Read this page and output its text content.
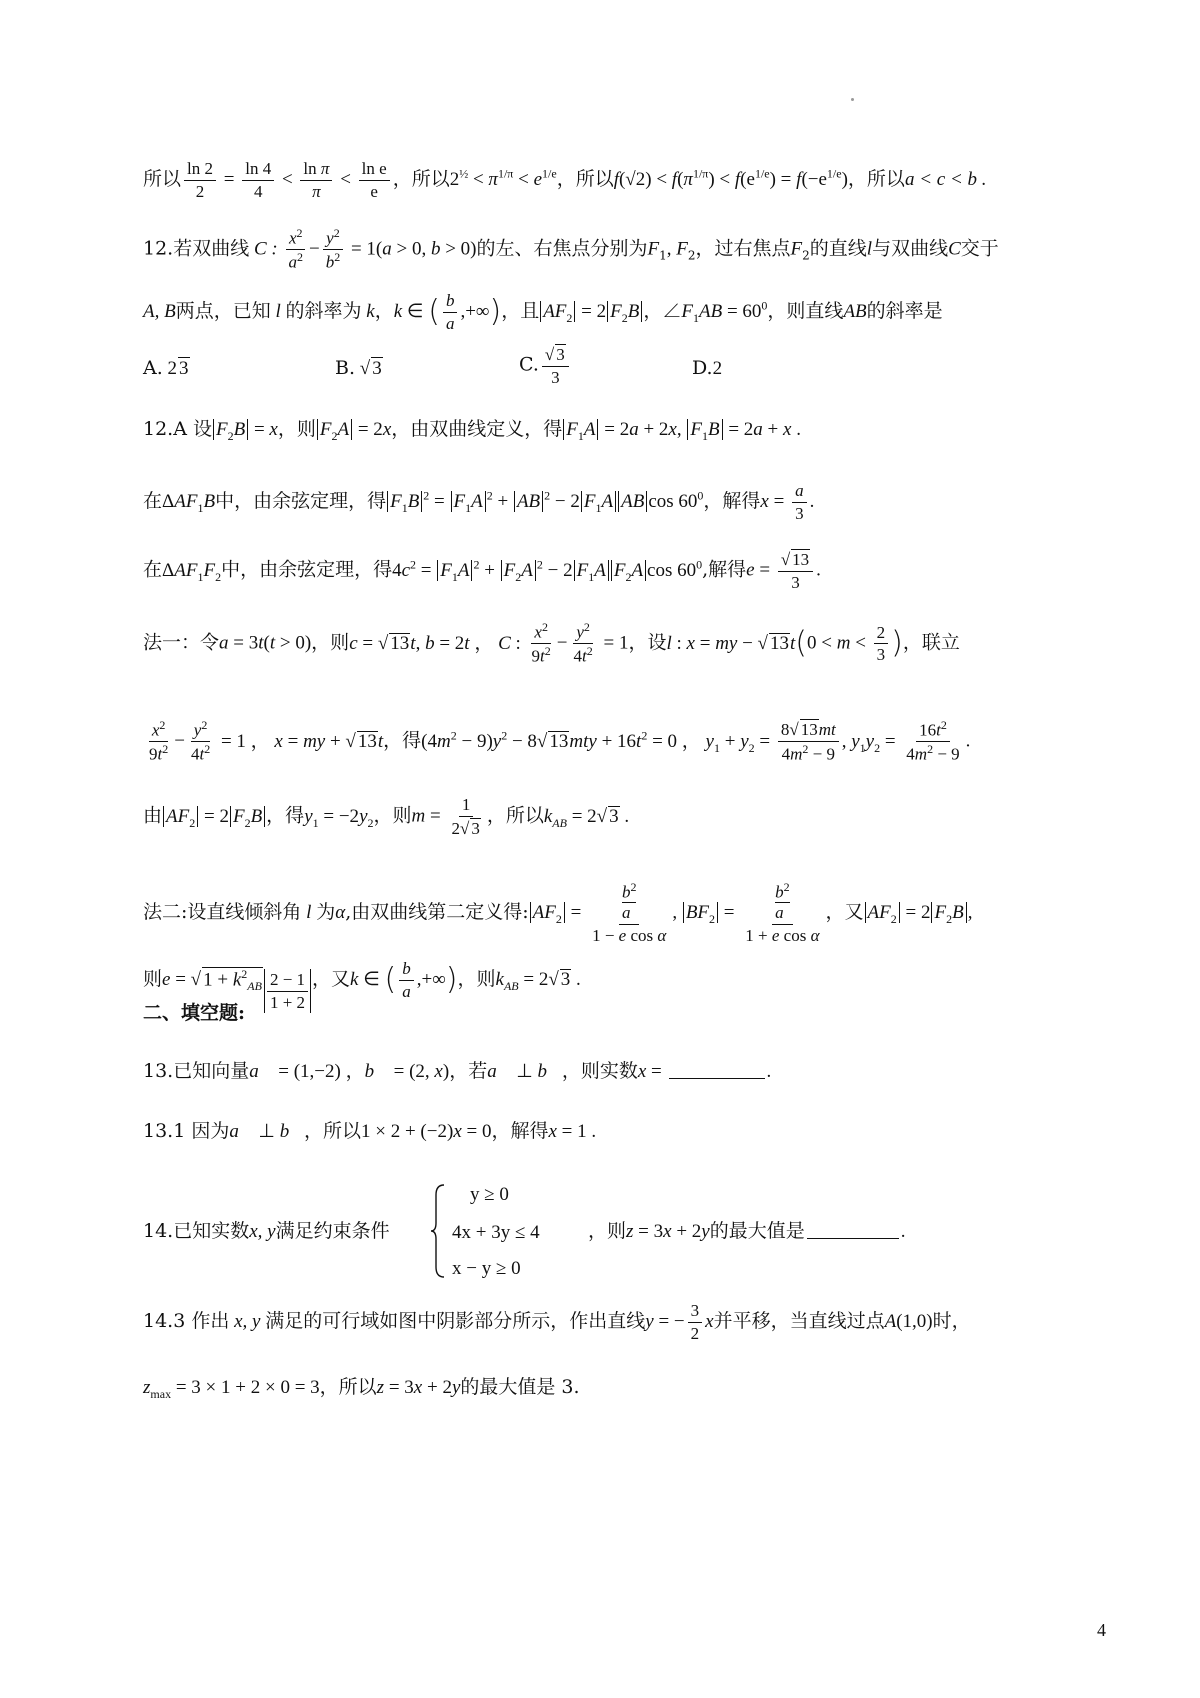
所以 $\frac{\ln 2}{2} = \frac{\ln 4}{4} < \frac{\text{ln π}}{\pi} < \frac{\text{ln e}}{e}$ ，所以$2^{\frac{1}{2}} < \pi^{1/\pi} < e^{1/e}$，所以$f(√2) < f(\pi^{1/\pi}) < f(e^{1/e}) = f(-e^{1/e})$，所以a < c < b .
12.若双曲线 C : $\frac{x^2}{a^2} - \frac{y^2}{b^2} = 1(a > 0$, b > 0)的左、右焦点分别为$F_1$, $F_2$，过右焦点$F_2$的直线l与双曲线C交于
A, B两点，已知 l 的斜率为 k，k ∈ ( $\frac{b}{a}$ ,+∞)，且 $AF_2 = 2$ $F_2B$ ，$\angle F_1AB = 60^0$，则直线AB的斜率是
A. 2 3	B. √ 3	C. $\frac{√ 3}{3}$	D.2
12.A 设 $F_2B = x$，则 $F_2A = 2x$，由双曲线定义，得 $F_1A = 2a + 2x$, $F_1B = 2a + x$ .
在$\Delta AF_1B$中，由余弦定理，得 $F_1B$ $^2 = F_1A$ $^2$ + AB $^2$ − 2 $F_1A$ AB $\cos 60^0$，解得$x = \frac{a}{3}$ .
在$\Delta AF_1F_2$中，由余弦定理，得$4c^2 = F_1A$ $^2 + F_2A$ $^2$ − 2 $F_1A$ $F_2A$ $\cos 60^0$,解得$e = \frac{√ 13}{3}$ .
法一：令a = 3t(t > 0)，则c = √ 13t, b = 2t ， C : $\frac{x^2}{9t^2} - \frac{y^2}{4t^2} = 1$，设l : x = my − √ $13t(0 < m < \frac{2}{3}$ )，联立
$\frac{x^2}{9t^2} - \frac{y^2}{4t^2} = 1$ ， x = my + √ 13t，得$(4m^2 - 9)y^2 - 8√$ $13mty + 16t^2 = 0$ ， $y_1 + y_2 = \frac{8√ 13mt}{4m^2 - 9}$ , $y_1y_2 = \frac{16t^2}{4m^2 - 9}$ .
由 $AF_2 = 2$ $F_2B$ ，得$y_1 = -2y_2$，则$m = \frac{1}{2√ 3}$ ，所以$k_{AB} = 2√$ 3 .
法二:设直线倾斜角 l 为α,由双曲线第二定义得: $AF_2$ =
$b^2$
a
1 − e cos α
, $BF_2$ =
$b^2$
a
1 + e cos α
，又 $AF_2 = 2$ $F_2B$ ,
则e = √ $1 + k^2_{AB} \frac{2 - 1}{1 + 2}$ ，又k ∈ ( $\frac{b}{a}$ ,+∞)，则$k_{AB} = 2√$ 3 .
二、填空题:
13.已知向量a⃗ = (1,−2) ，b⃗ = (2, x)，若a⃗ ⊥ b⃗，则实数x =	.
13.1 因为a⃗ ⊥ b⃗，所以1 × 2 + (−2)x = 0，解得x = 1 .
14.已知实数x, y满足约束条件
y ≥ 0
4x + 3y ≤ 4
x − y ≥ 0
，则z = 3x + 2y的最大值是	.
14.3 作出 x, y 满足的可行域如图中阴影部分所示，作出直线y = − $\frac{3}{2}$ x并平移，当直线过点A(1,0)时，
$z_{max} = 3 \times 1 + 2 \times 0 = 3$，所以z = 3x + 2y的最大值是 3.
4
